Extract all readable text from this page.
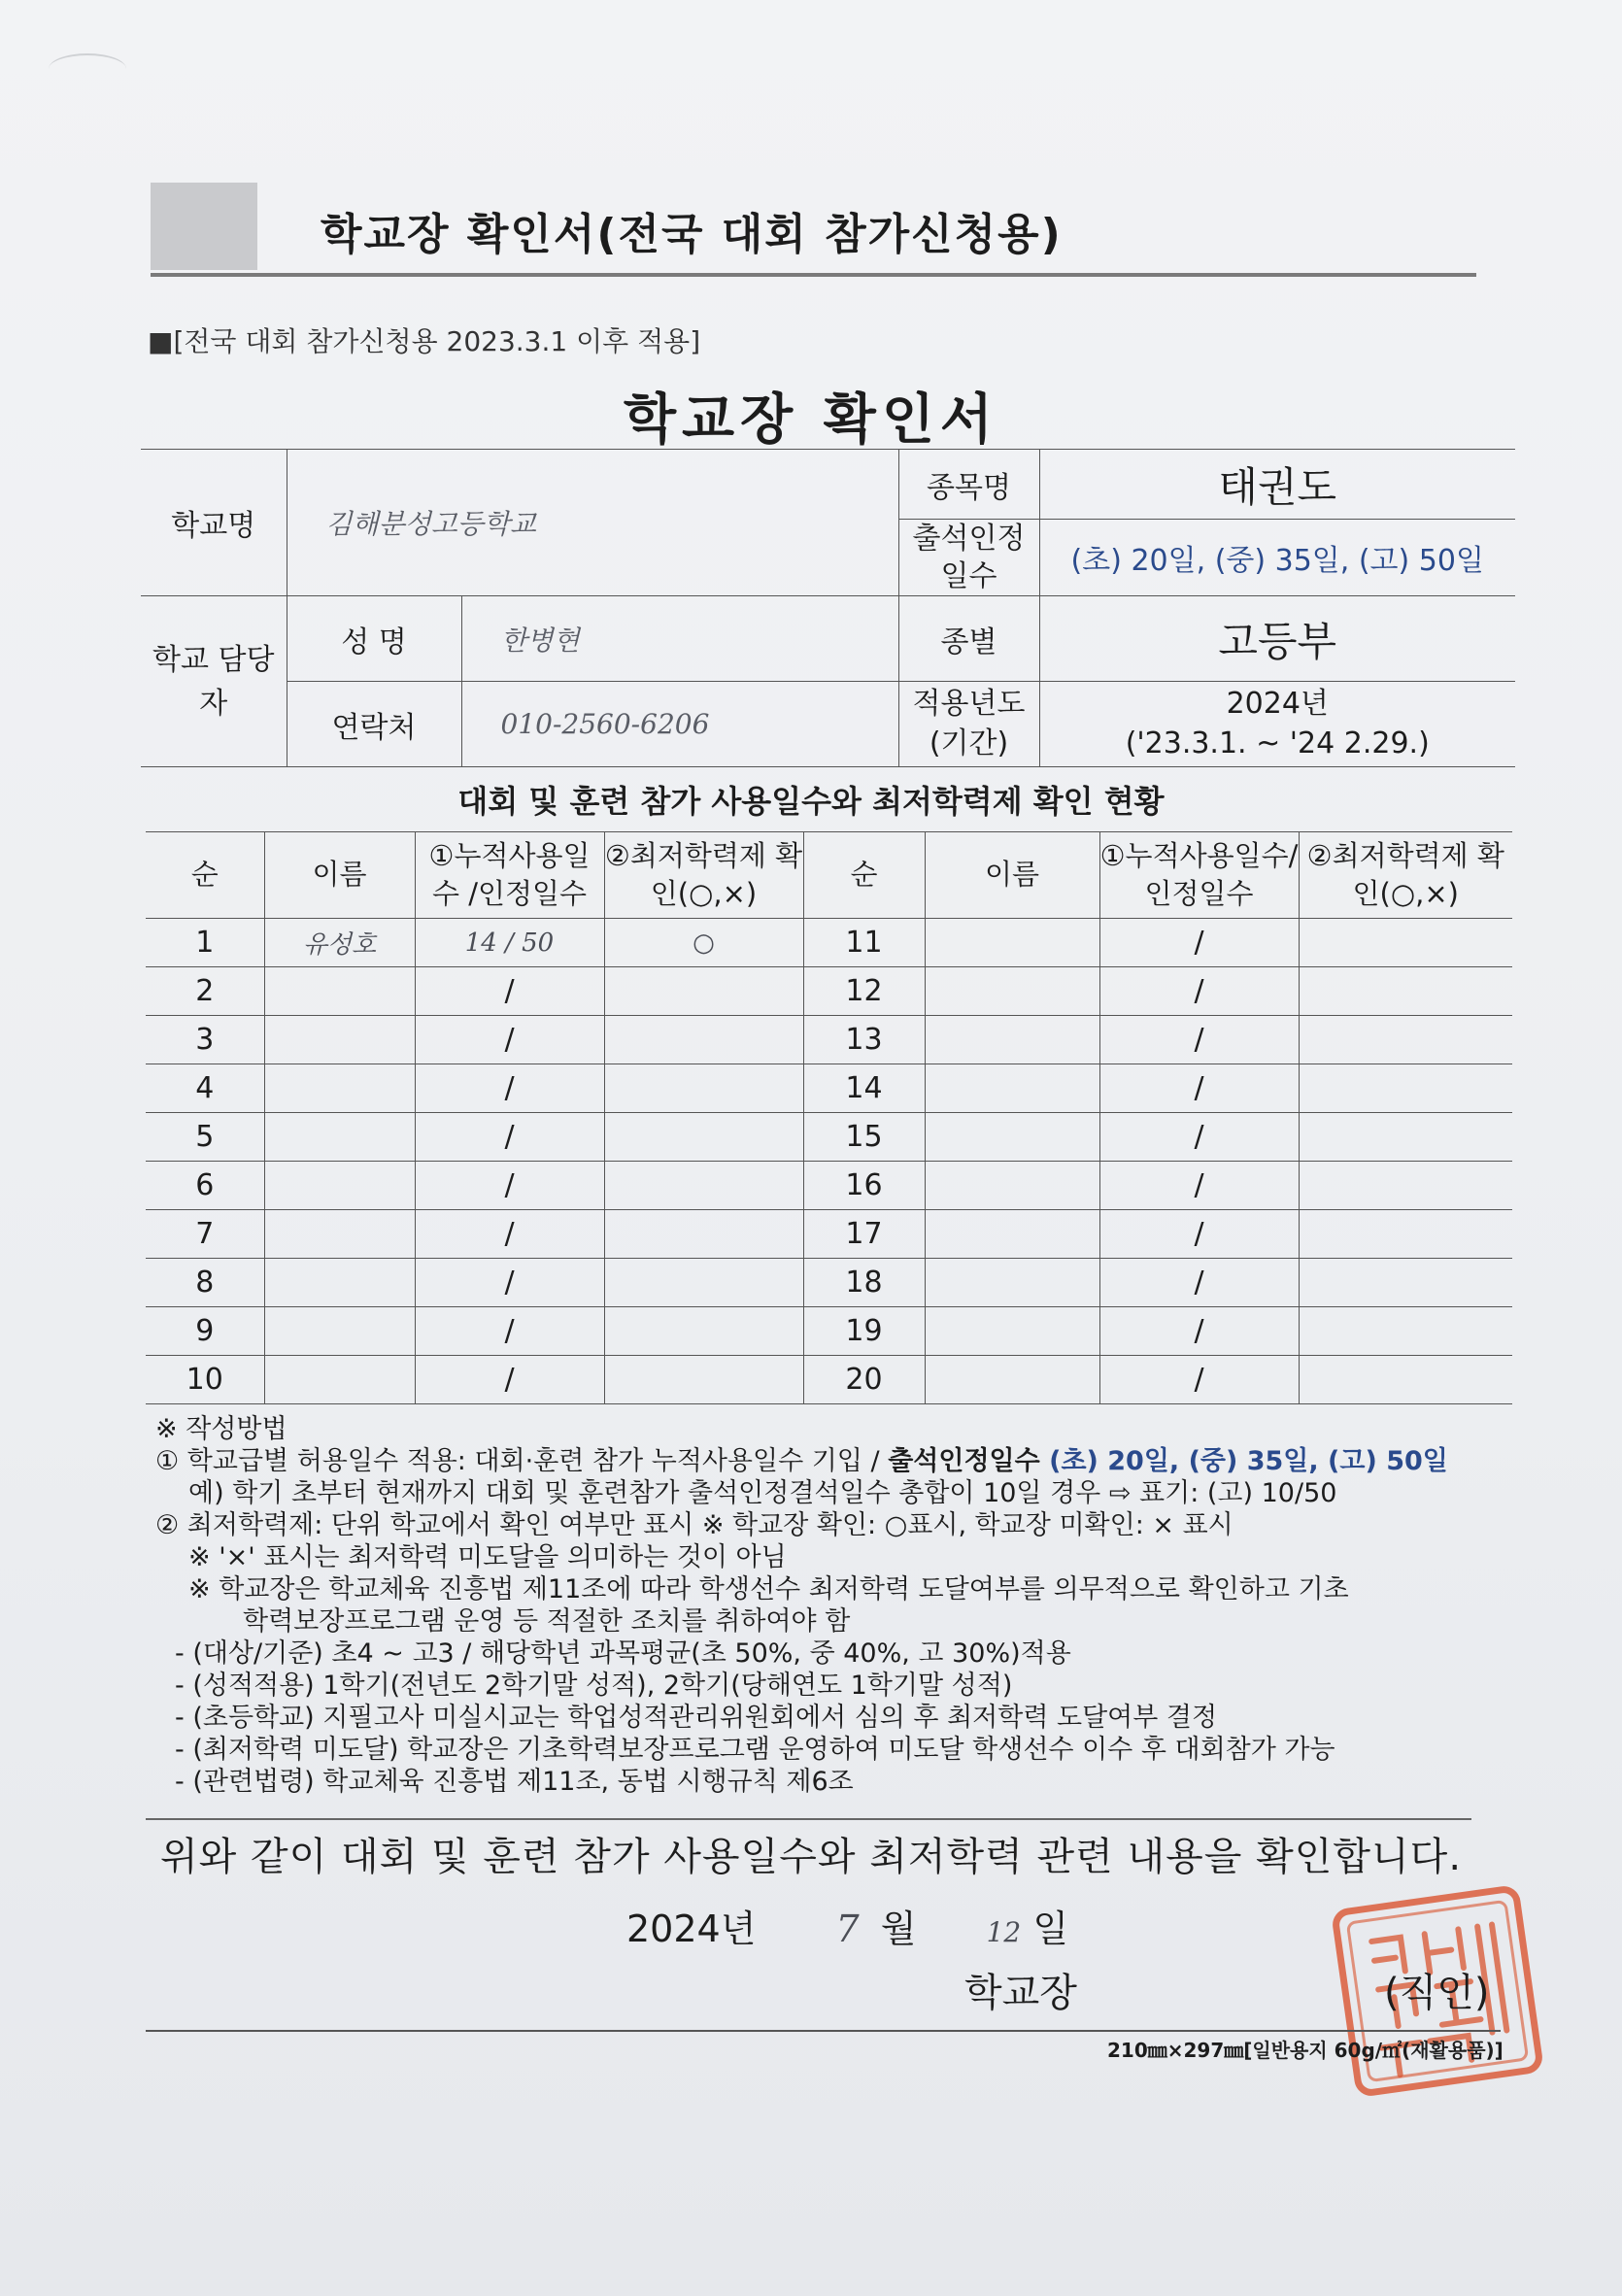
학교장 확인서(전국 대회 참가신청용)
■[전국 대회 참가신청용 2023.3.1 이후 적용]
학교장 확인서
학교명	김해분성고등학교		종목명	태권도
			출석인정 일수	(초) 20일, (중) 35일, (고) 50일
학교 담당자	성 명	한병현	종별	고등부
	연락처	010-2560-6206	적용년도 (기간)	2024년
('23.3.1. ~ '24 2.29.)
대회 및 훈련 참가 사용일수와 최저학력제 확인 현황
순	이름	①누적사용일수 /인정일수	②최저학력제 확인(○,×)	순	이름	①누적사용일수/ 인정일수	②최저학력제 확인(○,×)
1	유성호	14 / 50	○	11		/	
2		/		12		/	
3		/		13		/	
4		/		14		/	
5		/		15		/	
6		/		16		/	
7		/		17		/	
8		/		18		/	
9		/		19		/	
10		/		20		/	
※ 작성방법
① 학교급별 허용일수 적용: 대회·훈련 참가 누적사용일수 기입 / 출석인정일수 (초) 20일, (중) 35일, (고) 50일
예) 학기 초부터 현재까지 대회 및 훈련참가 출석인정결석일수 총합이 10일 경우 ⇨ 표기: (고) 10/50
② 최저학력제: 단위 학교에서 확인 여부만 표시 ※ 학교장 확인: ○표시, 학교장 미확인: × 표시
※ '×' 표시는 최저학력 미도달을 의미하는 것이 아님
※ 학교장은 학교체육 진흥법 제11조에 따라 학생선수 최저학력 도달여부를 의무적으로 확인하고 기초
학력보장프로그램 운영 등 적절한 조치를 취하여야 함
- (대상/기준) 초4 ~ 고3 / 해당학년 과목평균(초 50%, 중 40%, 고 30%)적용
- (성적적용) 1학기(전년도 2학기말 성적), 2학기(당해연도 1학기말 성적)
- (초등학교) 지필고사 미실시교는 학업성적관리위원회에서 심의 후 최저학력 도달여부 결정
- (최저학력 미도달) 학교장은 기초학력보장프로그램 운영하여 미도달 학생선수 이수 후 대회참가 가능
- (관련법령) 학교체육 진흥법 제11조, 동법 시행규칙 제6조
위와 같이 대회 및 훈련 참가 사용일수와 최저학력 관련 내용을 확인합니다.
2024년 7 월	12 일
학교장	(직인)
210㎜×297㎜[일반용지 60g/㎡(재활용품)]
